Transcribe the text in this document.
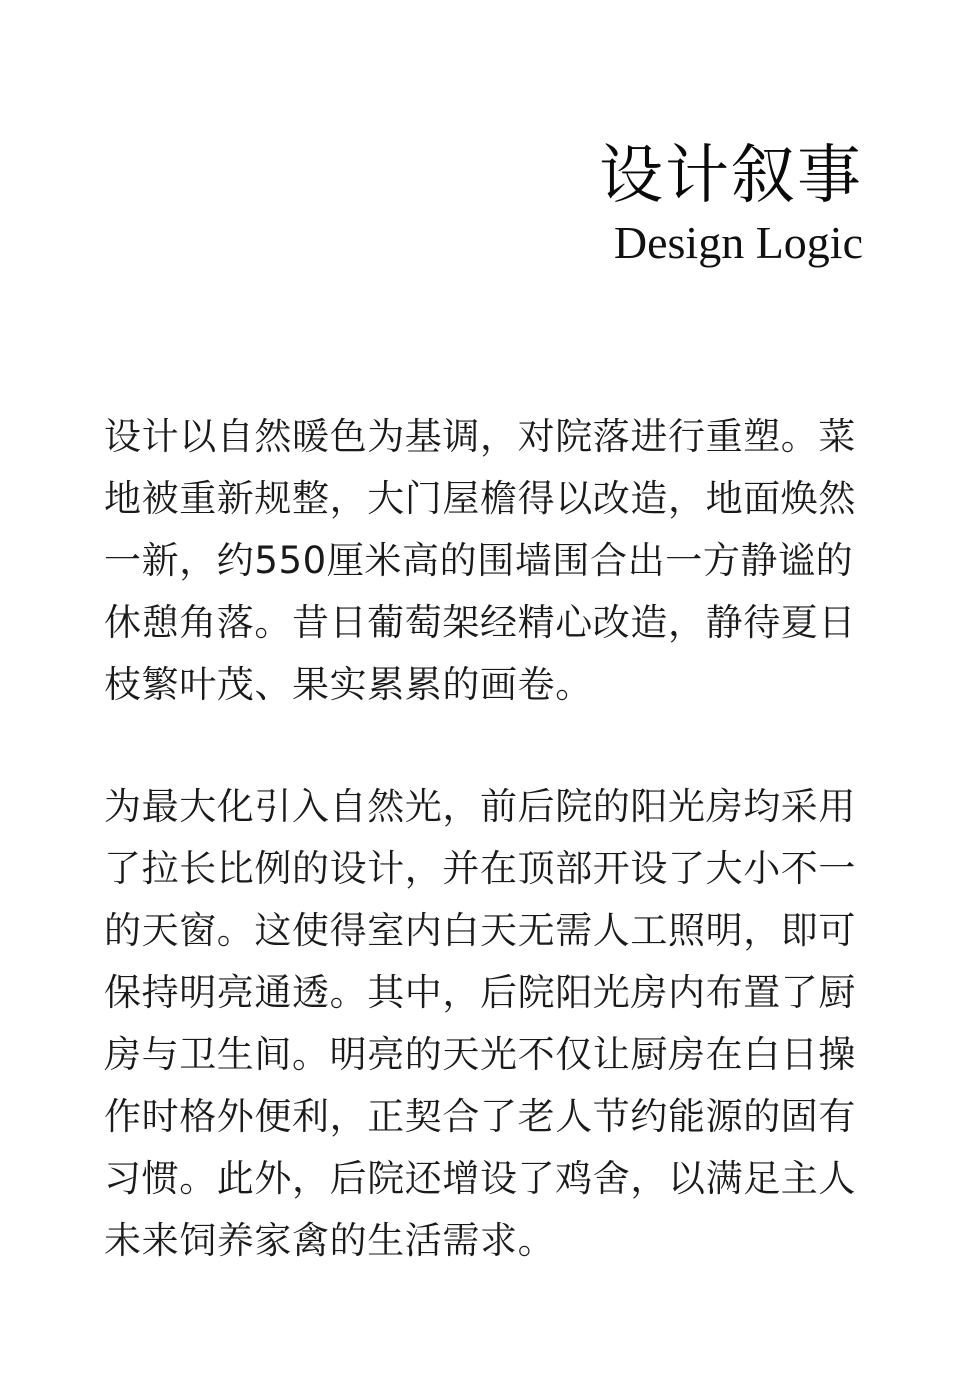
设计叙事
Design Logic
设计以自然暖色为基调，对院落进行重塑。菜
地被重新规整，大门屋檐得以改造，地面焕然
一新，约550厘米高的围墙围合出一方静谧的
休憩角落。昔日葡萄架经精心改造，静待夏日
枝繁叶茂、果实累累的画卷。
为最大化引入自然光，前后院的阳光房均采用
了拉长比例的设计，并在顶部开设了大小不一
的天窗。这使得室内白天无需人工照明，即可
保持明亮通透。其中，后院阳光房内布置了厨
房与卫生间。明亮的天光不仅让厨房在白日操
作时格外便利，正契合了老人节约能源的固有
习惯。此外，后院还增设了鸡舍，以满足主人
未来饲养家禽的生活需求。
